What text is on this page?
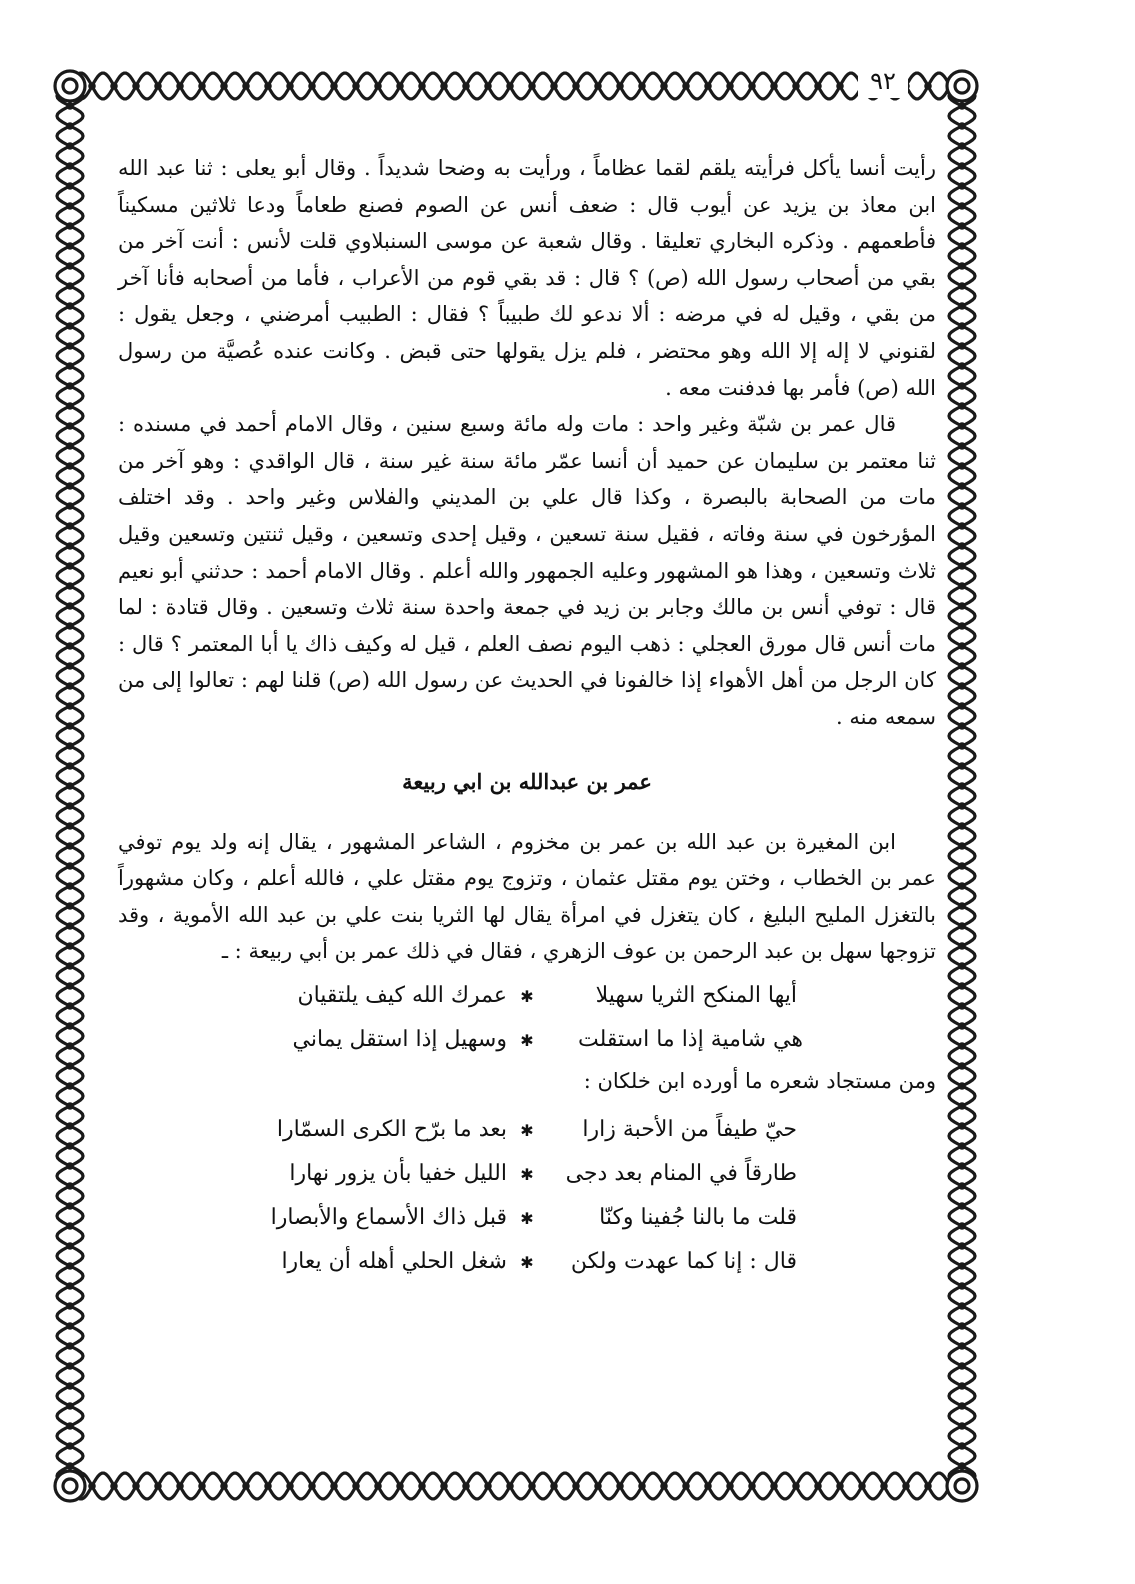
٩٢
رأيت أنسا يأكل فرأيته يلقم لقما عظاماً ، ورأيت به وضحا شديداً . وقال أبو يعلى : ثنا عبد الله ابن معاذ بن يزيد عن أيوب قال : ضعف أنس عن الصوم فصنع طعاماً ودعا ثلاثين مسكيناً فأطعمهم . وذكره البخاري تعليقا . وقال شعبة عن موسى السنبلاوي قلت لأنس : أنت آخر من بقي من أصحاب رسول الله (ص) ؟ قال : قد بقي قوم من الأعراب ، فأما من أصحابه فأنا آخر من بقي ، وقيل له في مرضه : ألا ندعو لك طبيباً ؟ فقال : الطبيب أمرضني ، وجعل يقول : لقنوني لا إله إلا الله وهو محتضر ، فلم يزل يقولها حتى قبض . وكانت عنده عُصيَّة من رسول الله (ص) فأمر بها فدفنت معه .
قال عمر بن شبّة وغير واحد : مات وله مائة وسبع سنين ، وقال الامام أحمد في مسنده : ثنا معتمر بن سليمان عن حميد أن أنسا عمّر مائة سنة غير سنة ، قال الواقدي : وهو آخر من مات من الصحابة بالبصرة ، وكذا قال علي بن المديني والفلاس وغير واحد . وقد اختلف المؤرخون في سنة وفاته ، فقيل سنة تسعين ، وقيل إحدى وتسعين ، وقيل ثنتين وتسعين وقيل ثلاث وتسعين ، وهذا هو المشهور وعليه الجمهور والله أعلم . وقال الامام أحمد : حدثني أبو نعيم قال : توفي أنس بن مالك وجابر بن زيد في جمعة واحدة سنة ثلاث وتسعين . وقال قتادة : لما مات أنس قال مورق العجلي : ذهب اليوم نصف العلم ، قيل له وكيف ذاك يا أبا المعتمر ؟ قال : كان الرجل من أهل الأهواء إذا خالفونا في الحديث عن رسول الله (ص) قلنا لهم : تعالوا إلى من سمعه منه .
عمر بن عبدالله بن ابي ربيعة
ابن المغيرة بن عبد الله بن عمر بن مخزوم ، الشاعر المشهور ، يقال إنه ولد يوم توفي عمر بن الخطاب ، وختن يوم مقتل عثمان ، وتزوج يوم مقتل علي ، فالله أعلم ، وكان مشهوراً بالتغزل المليح البليغ ، كان يتغزل في امرأة يقال لها الثريا بنت علي بن عبد الله الأموية ، وقد تزوجها سهل بن عبد الرحمن بن عوف الزهري ، فقال في ذلك عمر بن أبي ربيعة : ـ
أيها المنكح الثريا سهيلا
✱
عمرك الله كيف يلتقيان
هي شامية إذا ما استقلت
✱
وسهيل إذا استقل يماني
ومن مستجاد شعره ما أورده ابن خلكان :
حيّ طيفاً من الأحبة زارا
✱
بعد ما برّح الكرى السمّارا
طارقاً في المنام بعد دجى
✱
الليل خفيا بأن يزور نهارا
قلت ما بالنا جُفينا وكنّا
✱
قبل ذاك الأسماع والأبصارا
قال : إنا كما عهدت ولكن
✱
شغل الحلي أهله أن يعارا
